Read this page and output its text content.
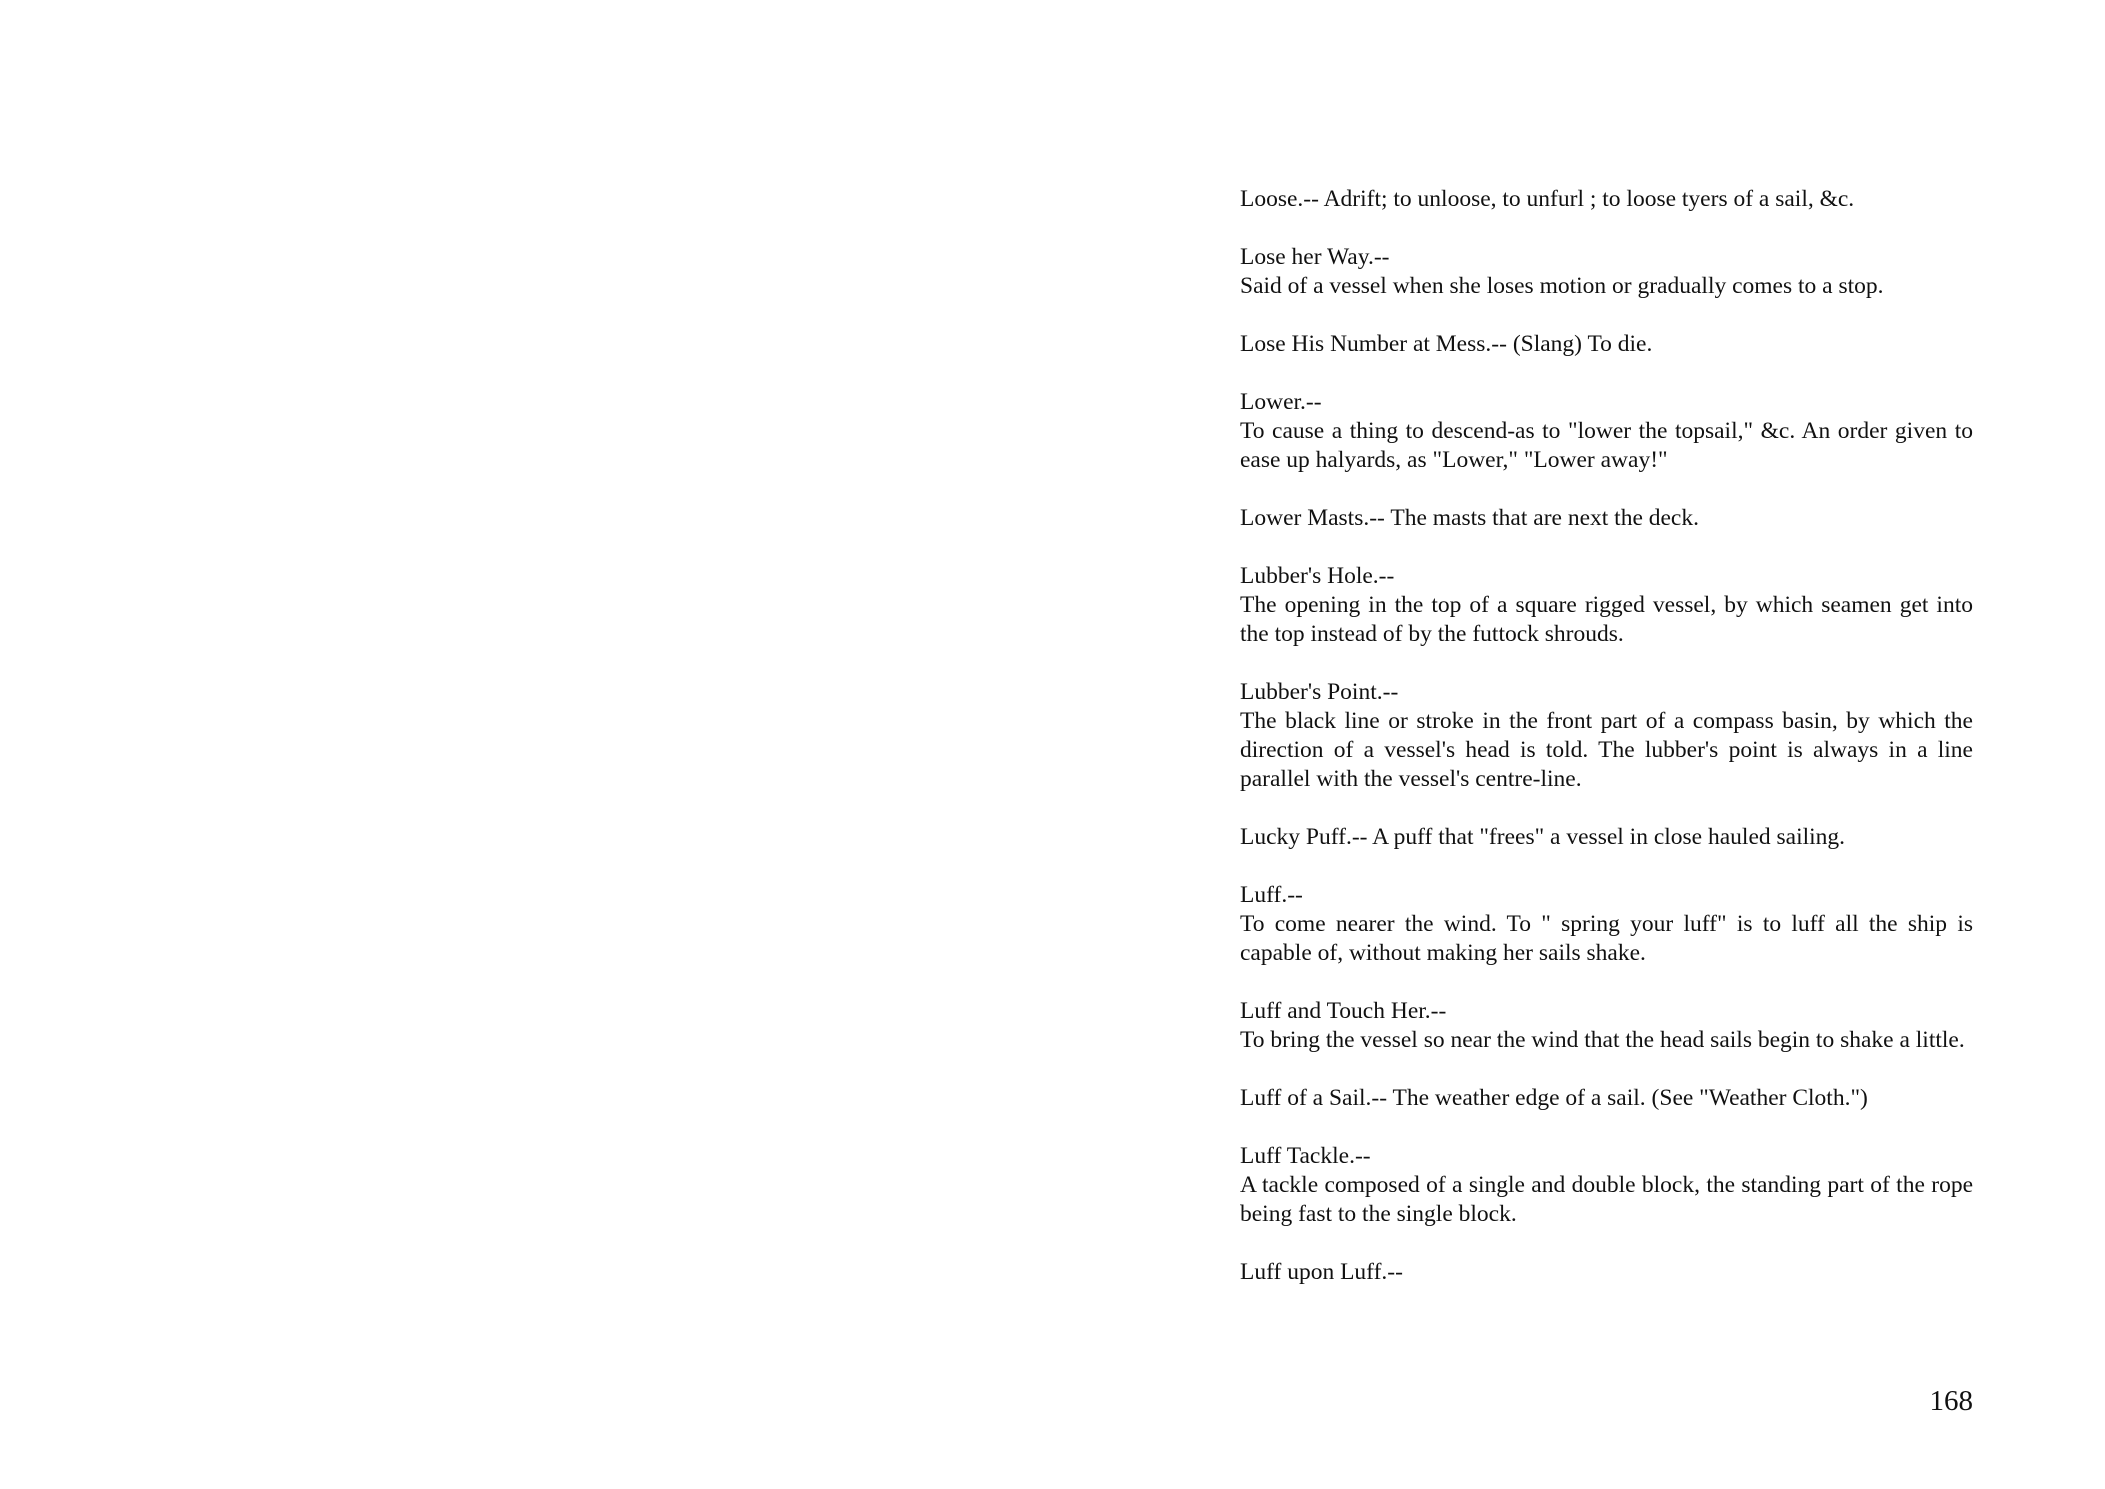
Loose.-- Adrift; to unloose, to unfurl ; to loose tyers of a sail, &c.

Lose her Way.--
Said of a vessel when she loses motion or gradually comes to a stop.

Lose His Number at Mess.-- (Slang) To die.

Lower.--
To cause a thing to descend-as to "lower the topsail," &c. An order given to ease up halyards, as "Lower," "Lower away!"

Lower Masts.-- The masts that are next the deck.

Lubber's Hole.--
The opening in the top of a square rigged vessel, by which seamen get into the top instead of by the futtock shrouds.

Lubber's Point.--
The black line or stroke in the front part of a compass basin, by which the direction of a vessel's head is told. The lubber's point is always in a line parallel with the vessel's centre-line.

Lucky Puff.-- A puff that "frees" a vessel in close hauled sailing.

Luff.--
To come nearer the wind. To " spring your luff" is to luff all the ship is capable of, without making her sails shake.

Luff and Touch Her.--
To bring the vessel so near the wind that the head sails begin to shake a little.

Luff of a Sail.-- The weather edge of a sail. (See "Weather Cloth.")

Luff Tackle.--
A tackle composed of a single and double block, the standing part of the rope being fast to the single block.

Luff upon Luff.--

168
